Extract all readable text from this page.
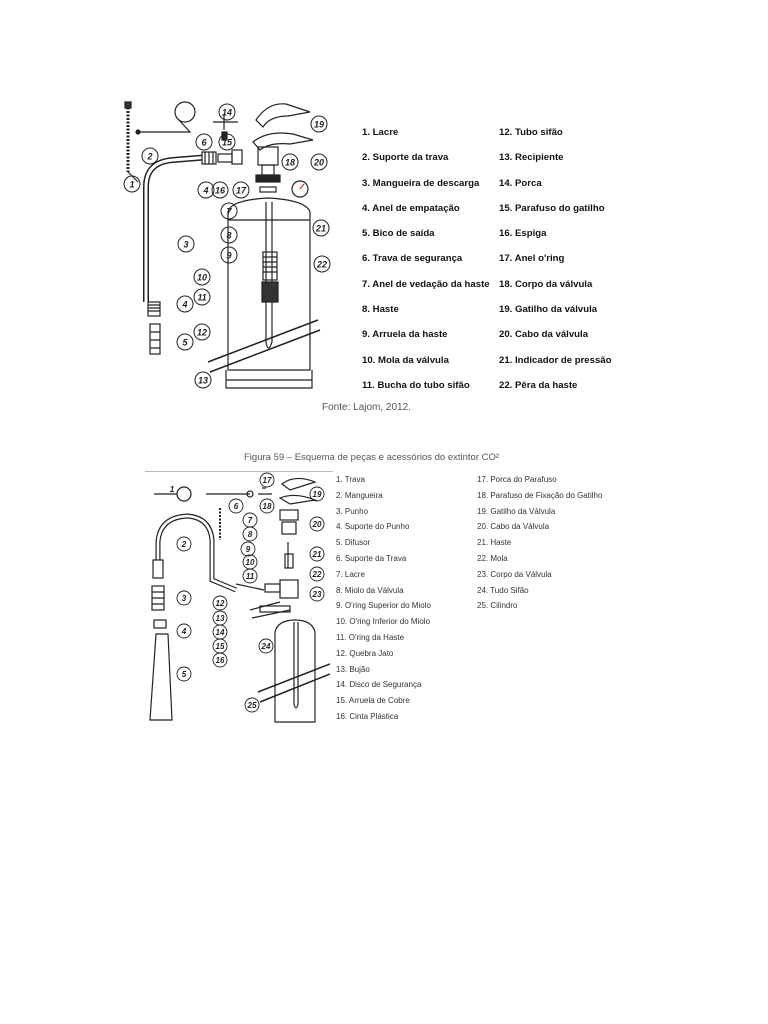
1
2
3
4
4
5
6
7
8
9
10
11
12
13
14
15
16 17
18
19
20
21
22
1. Lacre
2. Suporte da trava
3. Mangueira de descarga
4. Anel de empatação
5. Bico de saída
6. Trava de segurança
7. Anel de vedação da haste
8. Haste
9. Arruela da haste
10. Mola da válvula
11. Bucha do tubo sifão
12. Tubo sifão
13. Recipiente
14. Porca
15. Parafuso do gatilho
16. Espiga
17. Anel o'ring
18. Corpo da válvula
19. Gatilho da válvula
20. Cabo da válvula
21. Indicador de pressão
22. Pêra da haste
Fonte: Lajom, 2012.
Figura 59 – Esquema de peças e acessórios do extintor CO²
7
2
3
4
5
6
1
8
9
10
11
12
13
14
15
16
17
18
19
20
21
22
23
24
25
1. Trava
2. Mangueira
3. Punho
4. Suporte do Punho
5. Difusor
6. Suporte da Trava
7. Lacre
8. Miolo da Válvula
9. O'ring Superior do Miolo
10. O'ring Inferior do Miolo
11. O'ring da Haste
12. Quebra Jato
13. Bujão
14. Disco de Segurança
15. Arruela de Cobre
16. Cinta Plástica
17. Porca do Parafuso
18. Parafuso de Fixação do Gatilho
19. Gatilho da Válvula
20. Cabo da Válvula
21. Haste
22. Mola
23. Corpo da Válvula
24. Tudo Sifão
25. Cilindro
